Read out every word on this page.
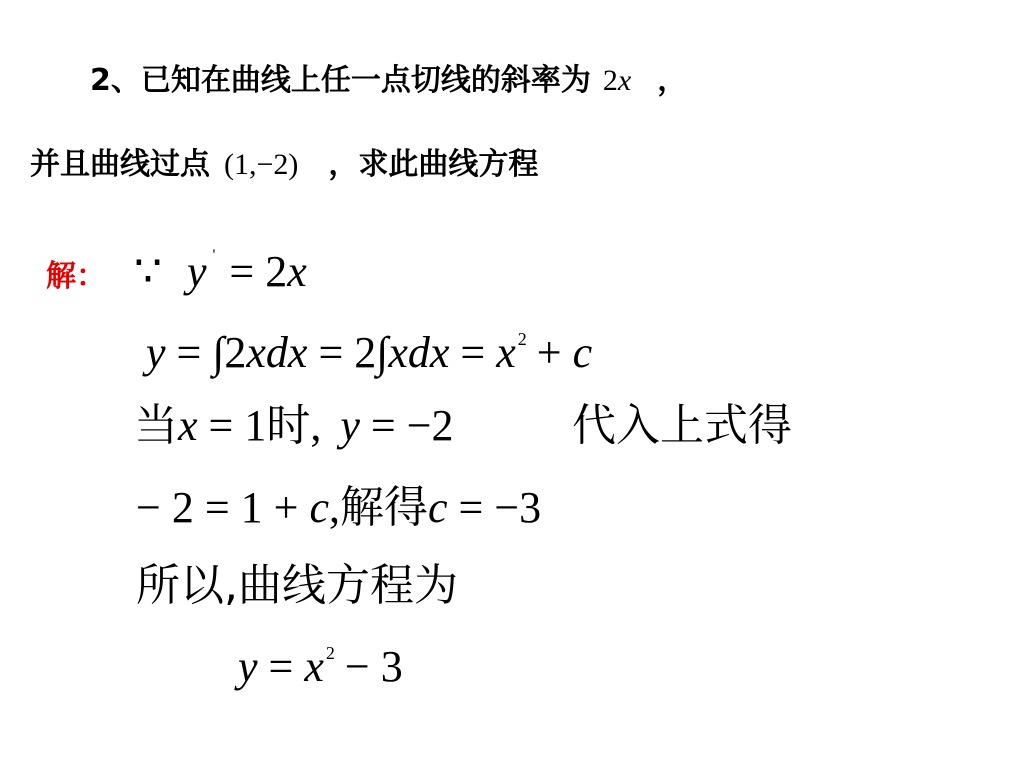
2、已知在曲线上任一点切线的斜率为 2x ，
并且曲线过点 (1,−2) ，求此曲线方程
解： ∵ y ' = 2x
y = ∫2xdx = 2∫xdx = x $^2$ + c
当x = 1时, y = −2	代入上式得
− 2 = 1 + c,解得c = −3
所以,曲线方程为
y = x $^2$ − 3
